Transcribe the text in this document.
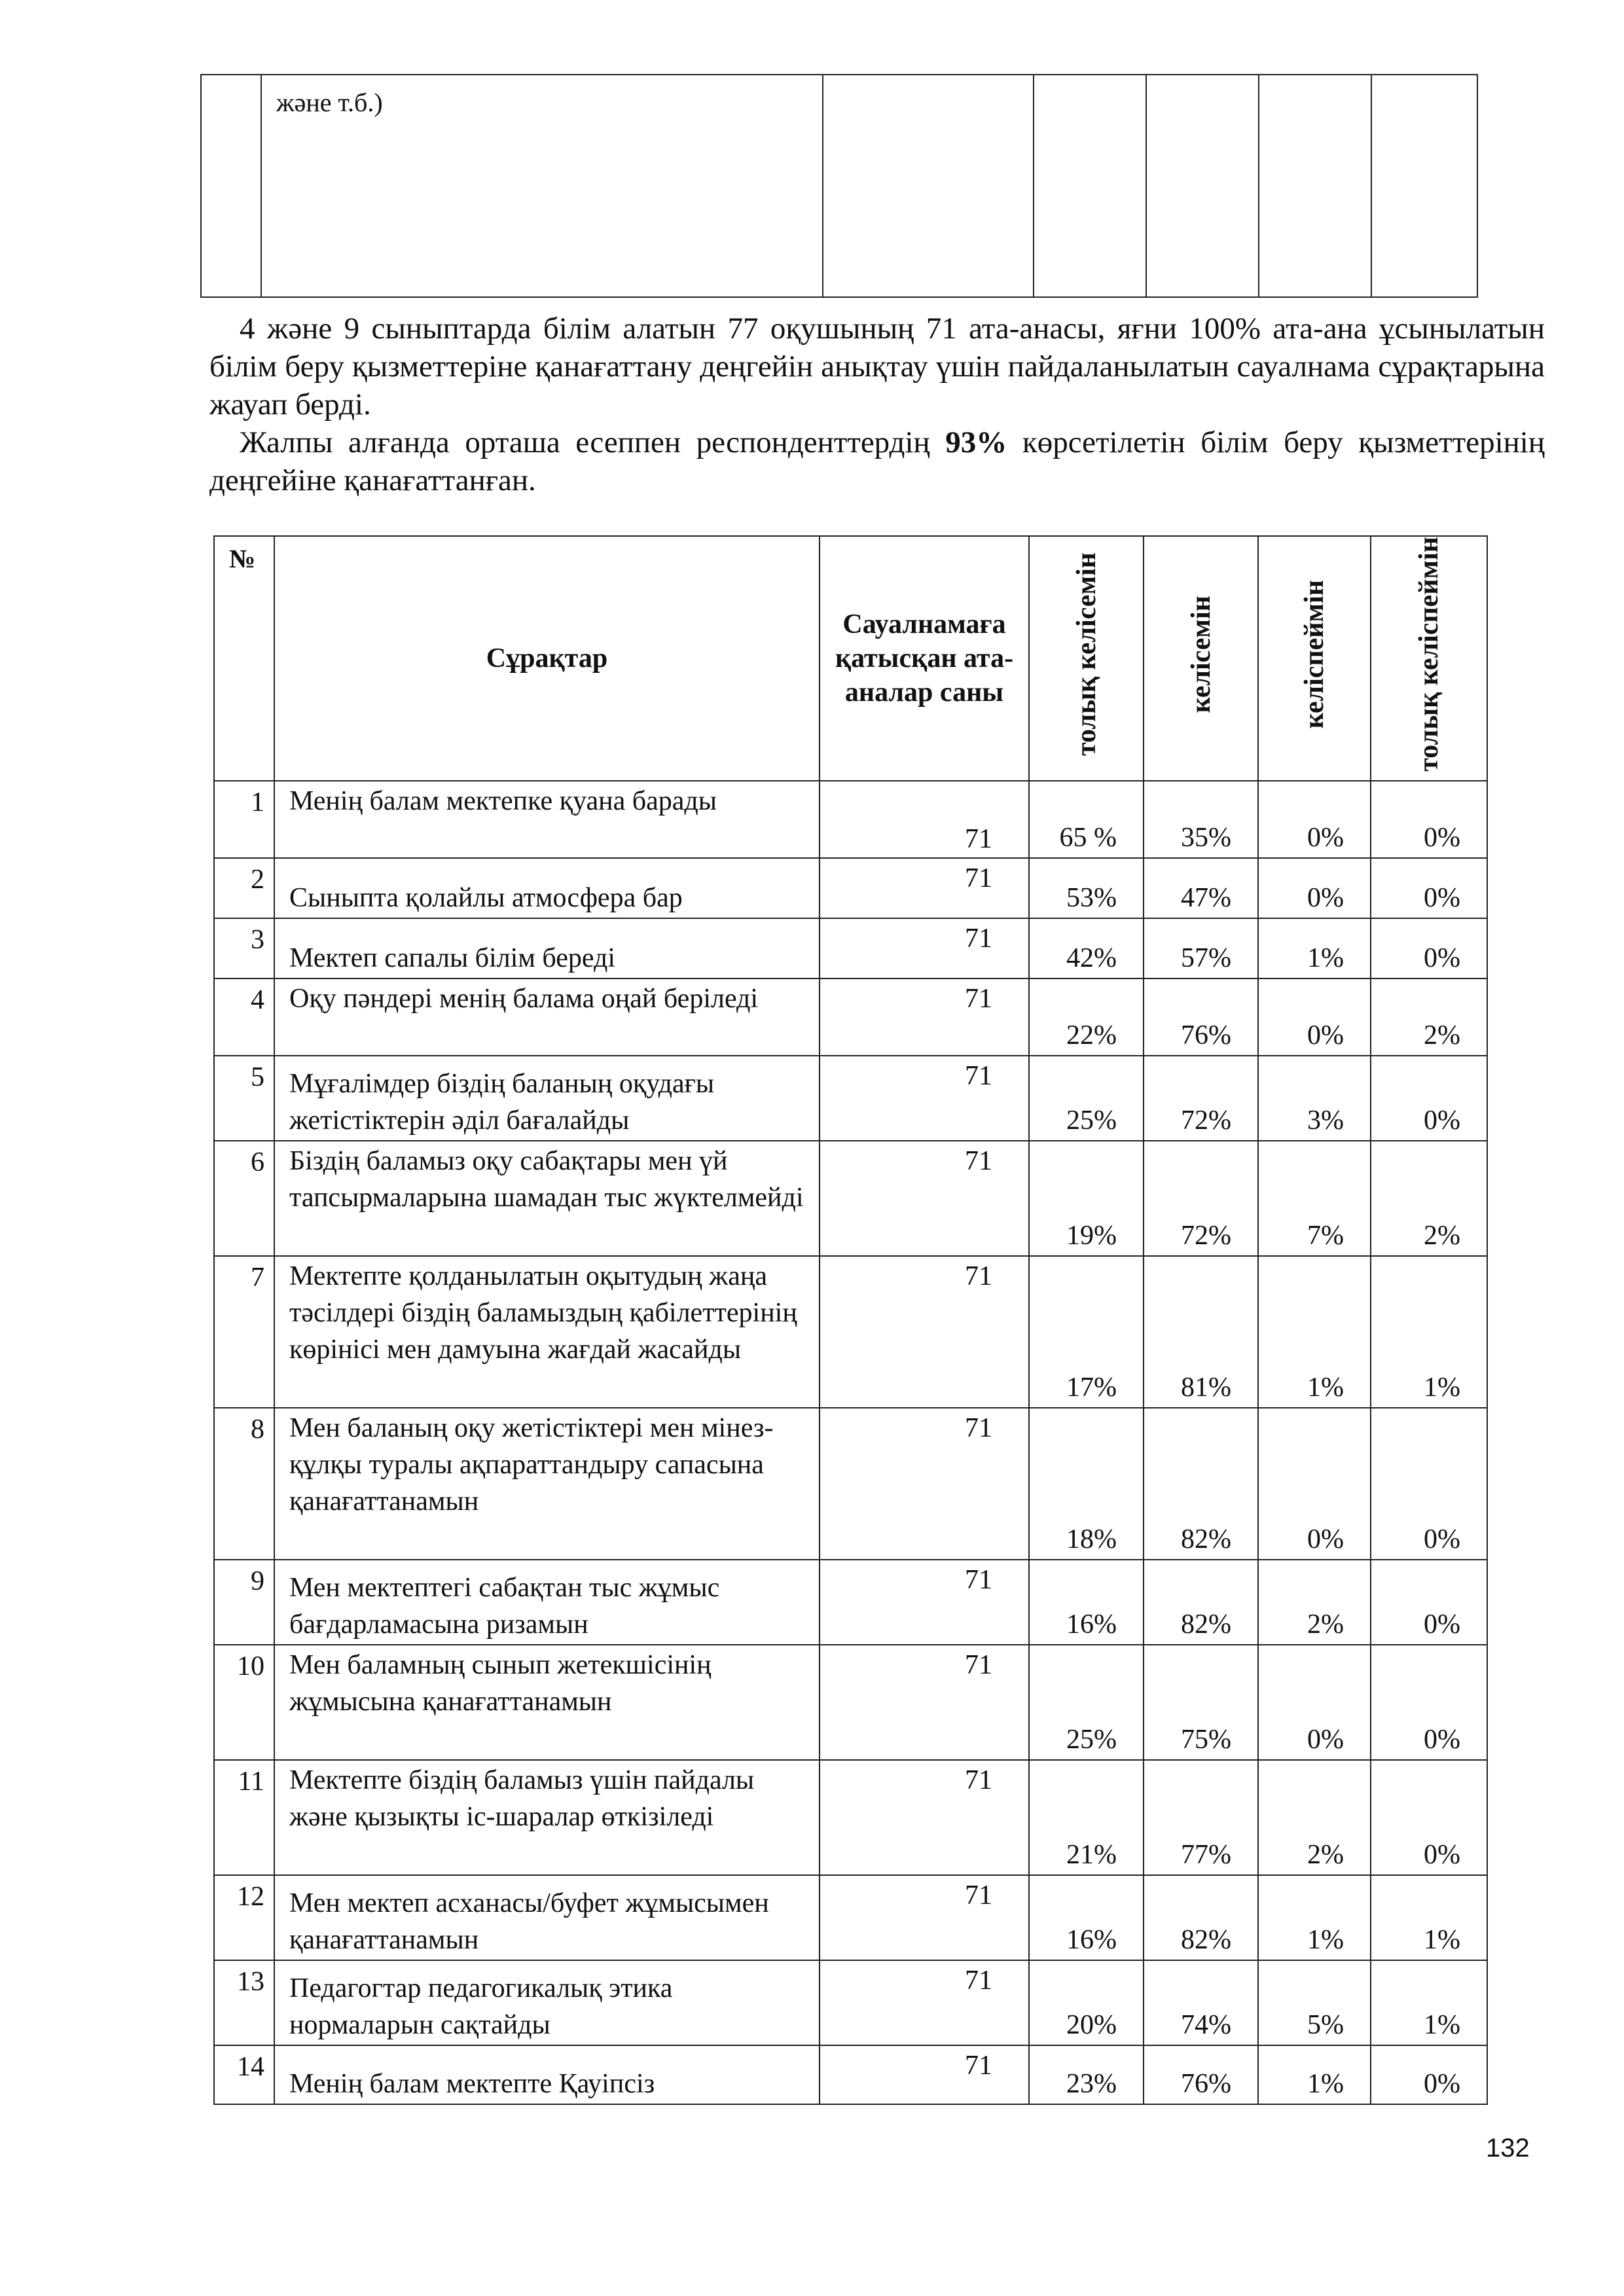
және т.б.)

4 және 9 сыныптарда білім алатын 77 оқушының 71 ата-анасы, яғни 100% ата-ана ұсынылатын білім беру қызметтеріне қанағаттану деңгейін анықтау үшін пайдаланылатын сауалнама сұрақтарына жауап берді.

Жалпы алғанда орташа есеппен респонденттердің 93% көрсетілетін білім беру қызметтерінің деңгейіне қанағаттанған.

№	Сұрақтар	Сауалнамаға қатысқан ата-аналар саны	толық келісемін	келісемін	келіспеймін	толық келіспеймін
1	Менің балам мектепке қуана барады	71	65 %	35%	0%	0%
2	Сыныпта қолайлы атмосфера бар	71	53%	47%	0%	0%
3	Мектеп сапалы білім береді	71	42%	57%	1%	0%
4	Оқу пәндері менің балама оңай беріледі	71	22%	76%	0%	2%
5	Мұғалімдер біздің баланың оқудағы жетістіктерін әділ бағалайды	71	25%	72%	3%	0%
6	Біздің баламыз оқу сабақтары мен үй тапсырмаларына шамадан тыс жүктелмейді	71	19%	72%	7%	2%
7	Мектепте қолданылатын оқытудың жаңа тәсілдері біздің баламыздың қабілеттерінің көрінісі мен дамуына жағдай жасайды	71	17%	81%	1%	1%
8	Мен баланың оқу жетістіктері мен мінез-құлқы туралы ақпараттандыру сапасына қанағаттанамын	71	18%	82%	0%	0%
9	Мен мектептегі сабақтан тыс жұмыс бағдарламасына ризамын	71	16%	82%	2%	0%
10	Мен баламның сынып жетекшісінің жұмысына қанағаттанамын	71	25%	75%	0%	0%
11	Мектепте біздің баламыз үшін пайдалы және қызықты іс-шаралар өткізіледі	71	21%	77%	2%	0%
12	Мен мектеп асханасы/буфет жұмысымен қанағаттанамын	71	16%	82%	1%	1%
13	Педагогтар педагогикалық этика нормаларын сақтайды	71	20%	74%	5%	1%
14	Менің балам мектепте Қауіпсіз	71	23%	76%	1%	0%
132
